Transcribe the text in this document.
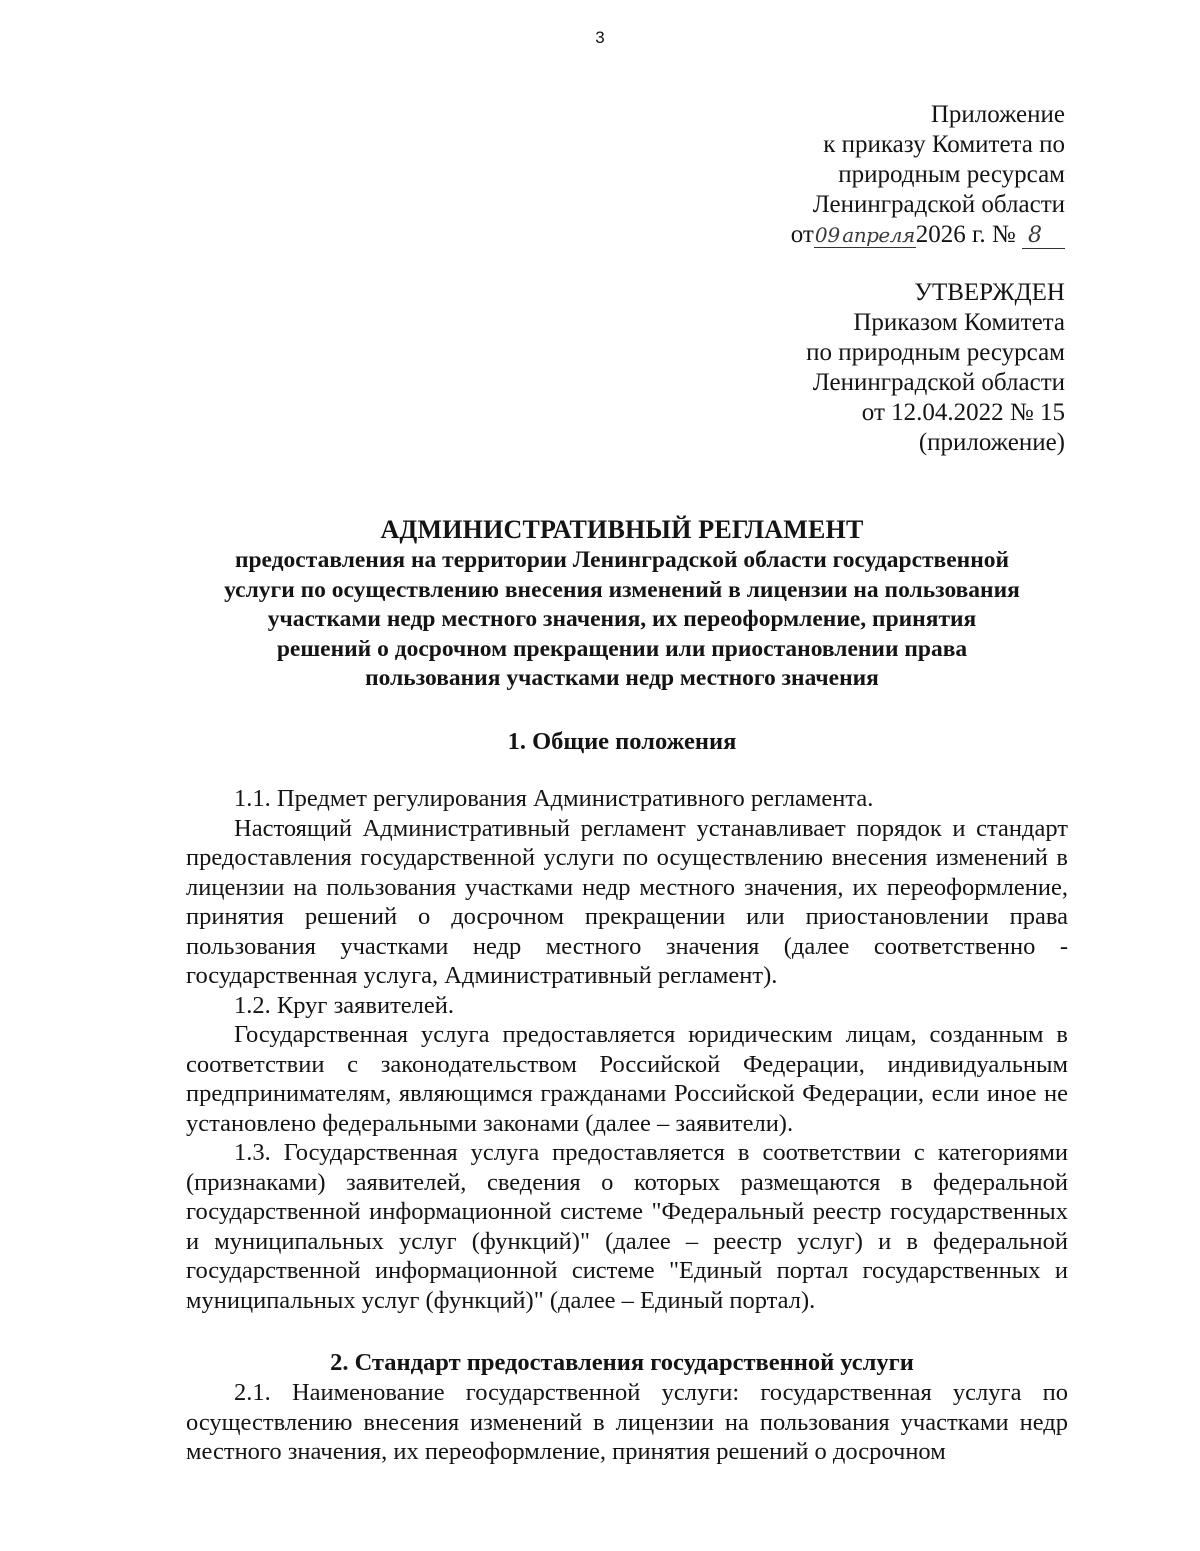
3
Приложение
к приказу Комитета по
природным ресурсам
Ленинградской области
от09 апреля2026 г. № 8
УТВЕРЖДЕН
Приказом Комитета
по природным ресурсам
Ленинградской области
от 12.04.2022 № 15
(приложение)
АДМИНИСТРАТИВНЫЙ РЕГЛАМЕНТ
предоставления на территории Ленинградской области государственной
услуги по осуществлению внесения изменений в лицензии на пользования
участками недр местного значения, их переоформление, принятия
решений о досрочном прекращении или приостановлении права
пользования участками недр местного значения
1. Общие положения

1.1. Предмет регулирования Административного регламента.

Настоящий Административный регламент устанавливает порядок и стандарт предоставления государственной услуги по осуществлению внесения изменений в лицензии на пользования участками недр местного значения, их переоформление, принятия решений о досрочном прекращении или приостановлении права пользования участками недр местного значения (далее соответственно - государственная услуга, Административный регламент).

1.2. Круг заявителей.

Государственная услуга предоставляется юридическим лицам, созданным в соответствии с законодательством Российской Федерации, индивидуальным предпринимателям, являющимся гражданами Российской Федерации, если иное не установлено федеральными законами (далее – заявители).

1.3. Государственная услуга предоставляется в соответствии с категориями (признаками) заявителей, сведения о которых размещаются в федеральной государственной информационной системе "Федеральный реестр государственных и муниципальных услуг (функций)" (далее – реестр услуг) и в федеральной государственной информационной системе "Единый портал государственных и муниципальных услуг (функций)" (далее – Единый портал).

2. Стандарт предоставления государственной услуги

2.1. Наименование государственной услуги: государственная услуга по осуществлению внесения изменений в лицензии на пользования участками недр местного значения, их переоформление, принятия решений о досрочном
